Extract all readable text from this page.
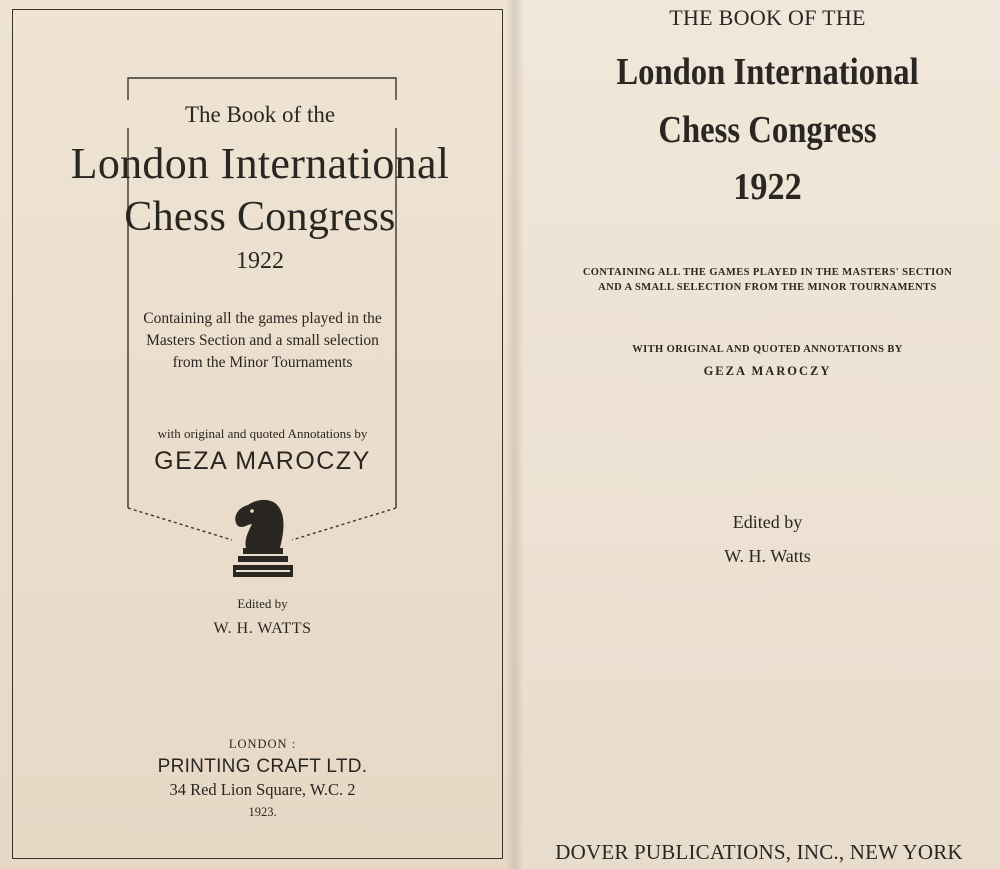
The Book of the
London International
Chess Congress
1922
Containing all the games played in the Masters Section and a small selection from the Minor Tournaments
with original and quoted Annotations by
GEZA MAROCZY
Edited by
W. H. WATTS
LONDON :
PRINTING CRAFT LTD.
34 Red Lion Square, W.C. 2
1923.
THE BOOK OF THE
London International
Chess Congress
1922
CONTAINING ALL THE GAMES PLAYED IN THE MASTERS' SECTION AND A SMALL SELECTION FROM THE MINOR TOURNAMENTS
WITH ORIGINAL AND QUOTED ANNOTATIONS BY
GEZA MAROCZY
Edited by
W. H. Watts
DOVER PUBLICATIONS, INC., NEW YORK
